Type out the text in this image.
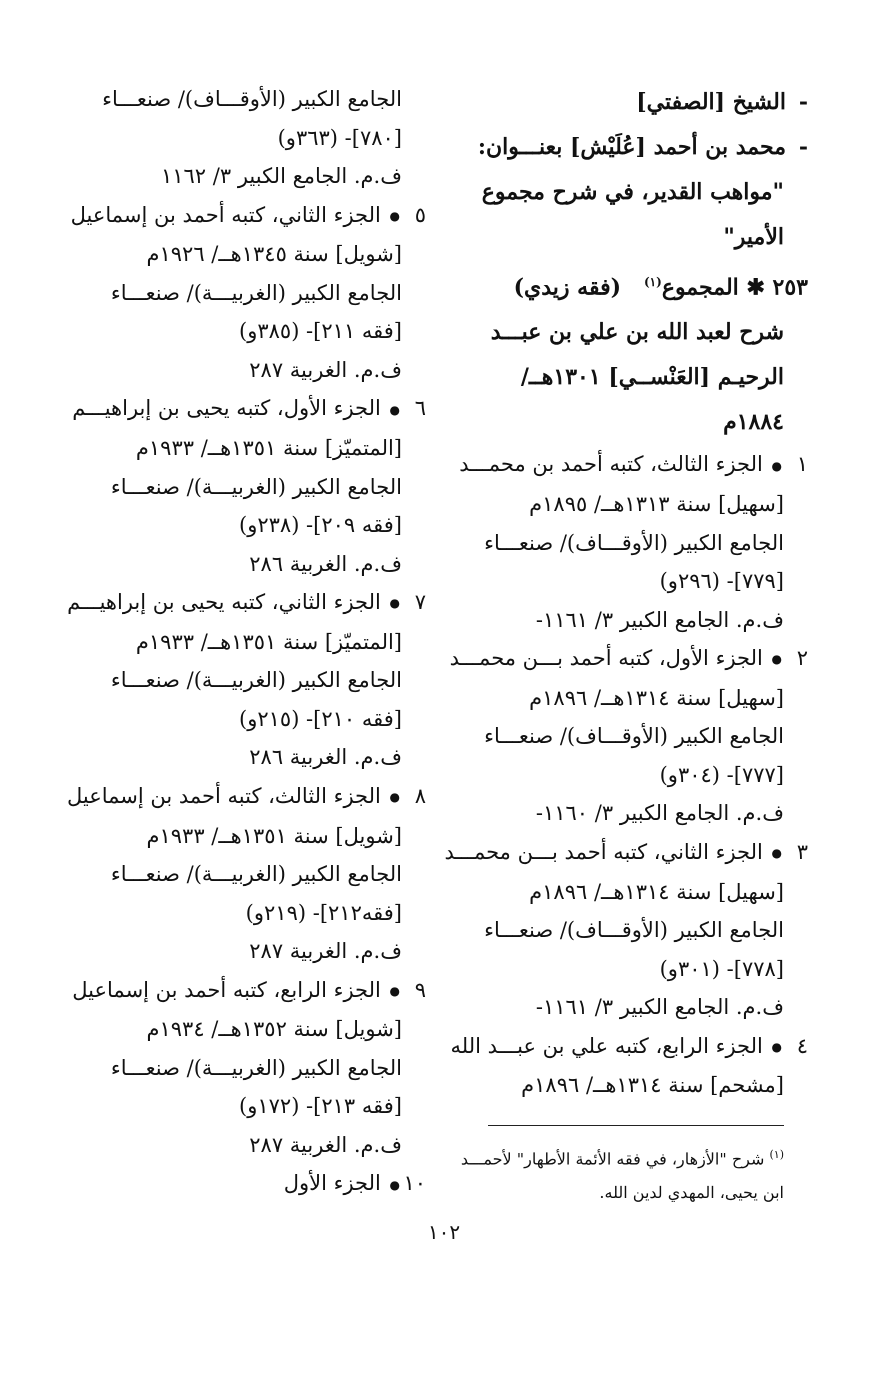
-الشيخ [الصفتي]
-محمد بن أحمد [عُلَيْش] بعنـــوان:
"مواهب القدير، في شرح مجموع
الأمير"
٢٥٣ ✱ المجموع$^{(١)}$   (فقه زيدي)
شرح لعبد الله بن علي بن عبـــد
الرحيـم [العَنْســي] ١٣٠١هــ/
١٨٨٤م
١● الجزء الثالث، كتبه أحمد بن محمـــد
[سهيل] سنة ١٣١٣هــ/ ١٨٩٥م
الجامع الكبير (الأوقـــاف)/ صنعـــاء
[٧٧٩]- (٢٩٦و)
ف.م. الجامع الكبير ٣/ ١١٦١-
٢● الجزء الأول، كتبه أحمد بـــن محمـــد
[سهيل] سنة ١٣١٤هــ/ ١٨٩٦م
الجامع الكبير (الأوقـــاف)/ صنعـــاء
[٧٧٧]- (٣٠٤و)
ف.م. الجامع الكبير ٣/ ١١٦٠-
٣● الجزء الثاني، كتبه أحمد بـــن محمـــد
[سهيل] سنة ١٣١٤هــ/ ١٨٩٦م
الجامع الكبير (الأوقـــاف)/ صنعـــاء
[٧٧٨]- (٣٠١و)
ف.م. الجامع الكبير ٣/ ١١٦١-
٤● الجزء الرابع، كتبه علي بن عبـــد الله
[مشحم] سنة ١٣١٤هــ/ ١٨٩٦م
الجامع الكبير (الأوقـــاف)/ صنعـــاء
[٧٨٠]- (٣٦٣و)
ف.م. الجامع الكبير ٣/ ١١٦٢
٥● الجزء الثاني، كتبه أحمد بن إسماعيل
[شويل] سنة ١٣٤٥هــ/ ١٩٢٦م
الجامع الكبير (الغربيـــة)/ صنعـــاء
[فقه ٢١١]- (٣٨٥و)
ف.م. الغربية ٢٨٧
٦● الجزء الأول، كتبه يحيى بن إبراهيـــم
[المتميّز] سنة ١٣٥١هــ/ ١٩٣٣م
الجامع الكبير (الغربيـــة)/ صنعـــاء
[فقه ٢٠٩]- (٢٣٨و)
ف.م. الغربية ٢٨٦
٧● الجزء الثاني، كتبه يحيى بن إبراهيـــم
[المتميّز] سنة ١٣٥١هــ/ ١٩٣٣م
الجامع الكبير (الغربيـــة)/ صنعـــاء
[فقه ٢١٠]- (٢١٥و)
ف.م. الغربية ٢٨٦
٨● الجزء الثالث، كتبه أحمد بن إسماعيل
[شويل] سنة ١٣٥١هــ/ ١٩٣٣م
الجامع الكبير (الغربيـــة)/ صنعـــاء
[فقه٢١٢]- (٢١٩و)
ف.م. الغربية ٢٨٧
٩● الجزء الرابع، كتبه أحمد بن إسماعيل
[شويل] سنة ١٣٥٢هــ/ ١٩٣٤م
الجامع الكبير (الغربيـــة)/ صنعـــاء
[فقه ٢١٣]- (١٧٢و)
ف.م. الغربية ٢٨٧
١٠● الجزء الأول
$^{(١)}$ شرح "الأزهار، في فقه الأئمة الأطهار" لأحمـــد
ابن يحيى، المهدي لدين الله.
١٠٢
